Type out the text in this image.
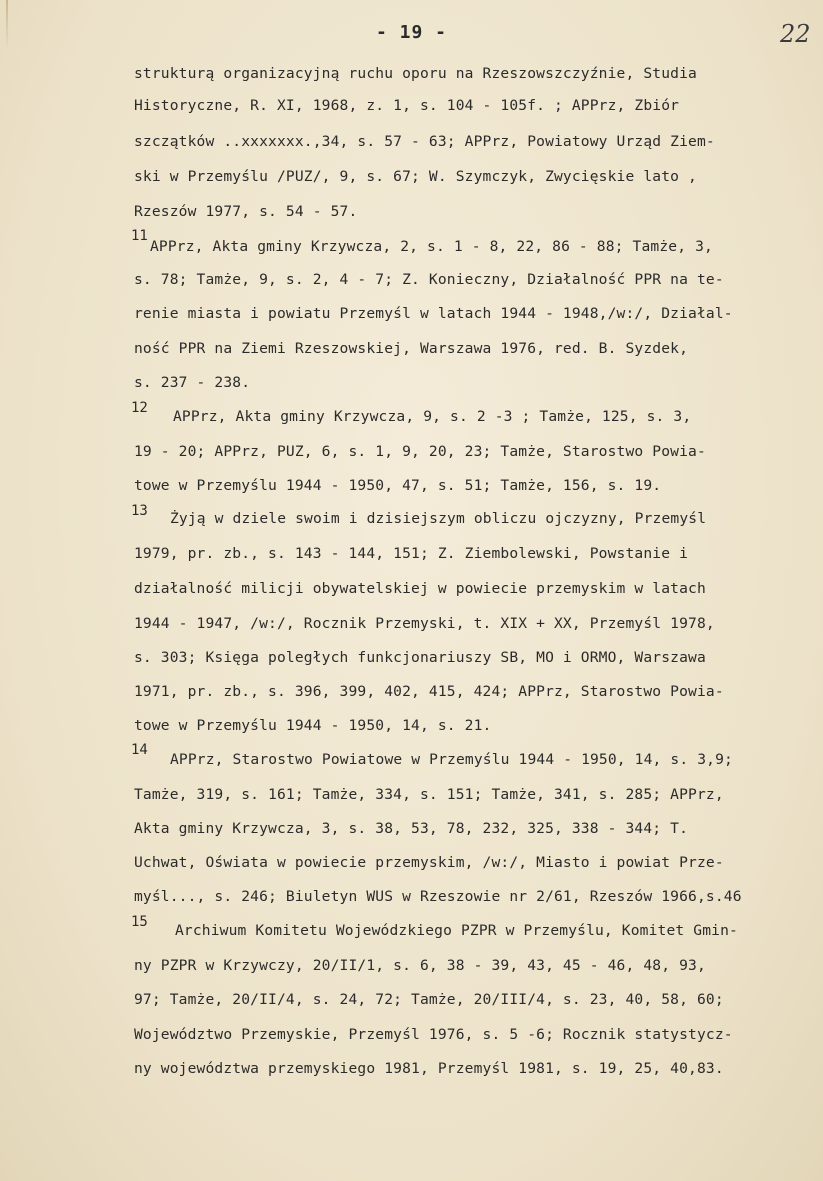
- 19 -	22
strukturą organizacyjną ruchu oporu na Rzeszowszczyźnie, Studia
Historyczne, R. XI, 1968, z. 1, s. 104 - 105f. ; APPrz, Zbiór
szczątków ..xxxxxxx.,34, s. 57 - 63; APPrz, Powiatowy Urząd Ziem-
ski w Przemyślu /PUZ/, 9, s. 67; W. Szymczyk, Zwycięskie lato ,
Rzeszów 1977, s. 54 - 57.
11
APPrz, Akta gminy Krzywcza, 2, s. 1 - 8, 22, 86 - 88; Tamże, 3,
s. 78; Tamże, 9, s. 2, 4 - 7; Z. Konieczny, Działalność PPR na te-
renie miasta i powiatu Przemyśl w latach 1944 - 1948,/w:/, Działal-
ność PPR na Ziemi Rzeszowskiej, Warszawa 1976, red. B. Syzdek,
s. 237 - 238.
12 APPrz, Akta gminy Krzywcza, 9, s. 2 -3 ; Tamże, 125, s. 3,
19 - 20; APPrz, PUZ, 6, s. 1, 9, 20, 23; Tamże, Starostwo Powia-
towe w Przemyślu 1944 - 1950, 47, s. 51; Tamże, 156, s. 19.
13 Żyją w dziele swoim i dzisiejszym obliczu ojczyzny, Przemyśl
1979, pr. zb., s. 143 - 144, 151; Z. Ziembolewski, Powstanie i
działalność milicji obywatelskiej w powiecie przemyskim w latach
1944 - 1947, /w:/, Rocznik Przemyski, t. XIX + XX, Przemyśl 1978,
s. 303; Księga poległych funkcjonariuszy SB, MO i ORMO, Warszawa
1971, pr. zb., s. 396, 399, 402, 415, 424; APPrz, Starostwo Powia-
towe w Przemyślu 1944 - 1950, 14, s. 21.
14
APPrz, Starostwo Powiatowe w Przemyślu 1944 - 1950, 14, s. 3,9;
Tamże, 319, s. 161; Tamże, 334, s. 151; Tamże, 341, s. 285; APPrz,
Akta gminy Krzywcza, 3, s. 38, 53, 78, 232, 325, 338 - 344; T.
Uchwat, Oświata w powiecie przemyskim, /w:/, Miasto i powiat Prze-
myśl..., s. 246; Biuletyn WUS w Rzeszowie nr 2/61, Rzeszów 1966,s.46
15 Archiwum Komitetu Wojewódzkiego PZPR w Przemyślu, Komitet Gmin-
ny PZPR w Krzywczy, 20/II/1, s. 6, 38 - 39, 43, 45 - 46, 48, 93,
97; Tamże, 20/II/4, s. 24, 72; Tamże, 20/III/4, s. 23, 40, 58, 60;
Województwo Przemyskie, Przemyśl 1976, s. 5 -6; Rocznik statystycz-
ny województwa przemyskiego 1981, Przemyśl 1981, s. 19, 25, 40,83.
